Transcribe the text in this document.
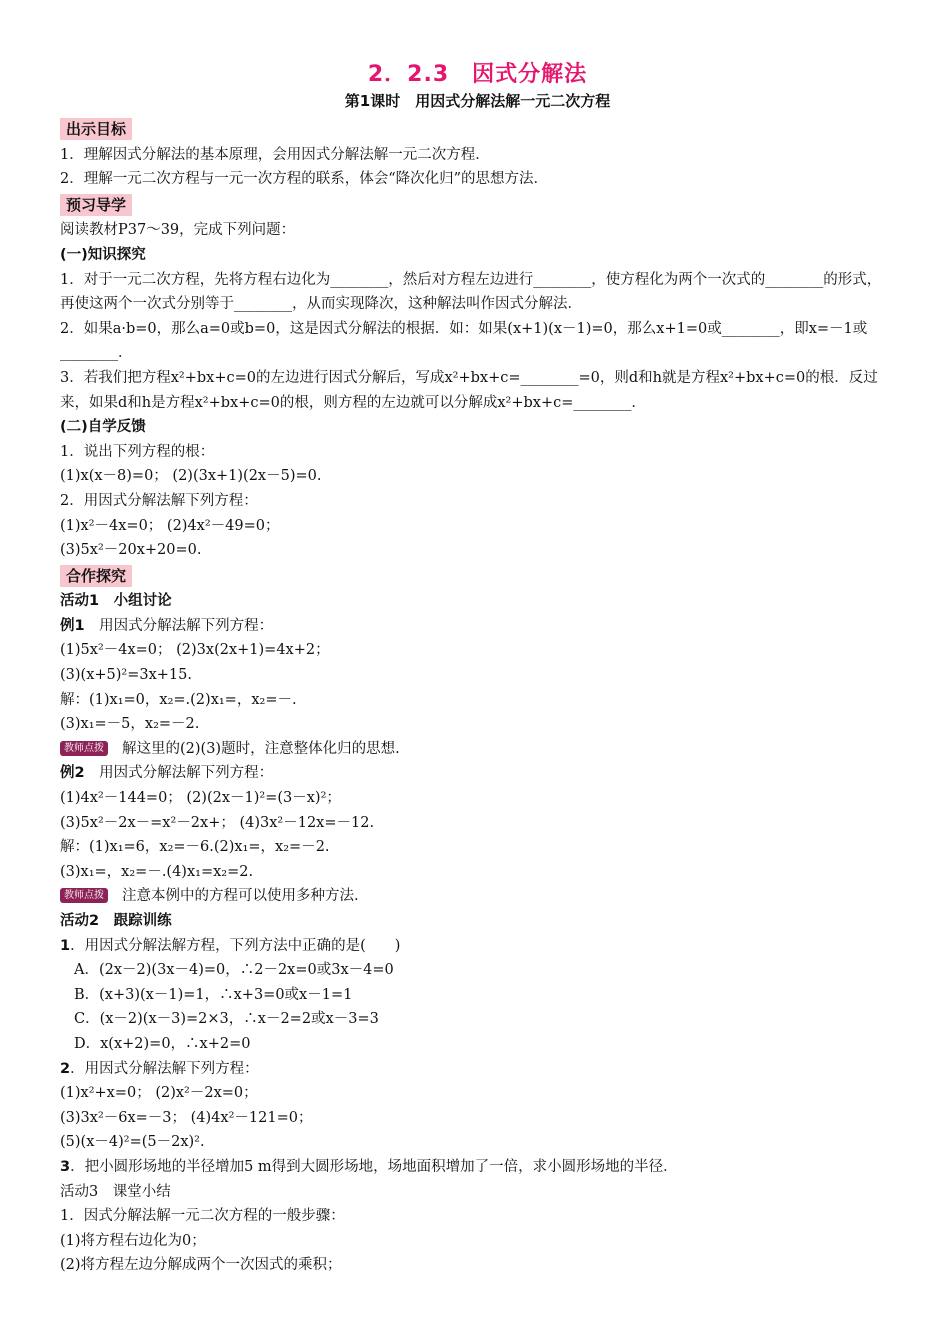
2．2.3　因式分解法
第1课时　用因式分解法解一元二次方程
出示目标
1．理解因式分解法的基本原理，会用因式分解法解一元二次方程．
2．理解一元二次方程与一元一次方程的联系，体会“降次化归”的思想方法．
预习导学
阅读教材P37～39，完成下列问题：
(一)知识探究
1．对于一元二次方程，先将方程右边化为________，然后对方程左边进行________，使方程化为两个一次式的________的形式，再使这两个一次式分别等于________，从而实现降次，这种解法叫作因式分解法．
2．如果a·b=0，那么a=0或b=0，这是因式分解法的根据．如：如果(x+1)(x－1)=0，那么x+1=0或________，即x=－1或________．
3．若我们把方程x²+bx+c=0的左边进行因式分解后，写成x²+bx+c=________=0，则d和h就是方程x²+bx+c=0的根．反过来，如果d和h是方程x²+bx+c=0的根，则方程的左边就可以分解成x²+bx+c=________．
(二)自学反馈
1．说出下列方程的根：
(1)x(x－8)=0； (2)(3x+1)(2x－5)=0.
2．用因式分解法解下列方程：
(1)x²－4x=0； (2)4x²－49=0；
(3)5x²－20x+20=0.
合作探究
活动1　小组讨论
例1　用因式分解法解下列方程：
(1)5x²－4x=0； (2)3x(2x+1)=4x+2；
(3)(x+5)²=3x+15.
解：(1)x₁=0，x₂=.(2)x₁=，x₂=－.
(3)x₁=－5，x₂=－2.
教师点拨 解这里的(2)(3)题时，注意整体化归的思想.
例2　用因式分解法解下列方程：
(1)4x²－144=0； (2)(2x－1)²=(3－x)²；
(3)5x²－2x－=x²－2x+； (4)3x²－12x=－12.
解：(1)x₁=6，x₂=－6.(2)x₁=，x₂=－2.
(3)x₁=，x₂=－.(4)x₁=x₂=2.
教师点拨 注意本例中的方程可以使用多种方法.
活动2　跟踪训练
1．用因式分解法解方程，下列方法中正确的是(　　)
A．(2x－2)(3x－4)=0，∴2－2x=0或3x－4=0
B．(x+3)(x－1)=1，∴x+3=0或x－1=1
C．(x－2)(x－3)=2×3，∴x－2=2或x－3=3
D．x(x+2)=0，∴x+2=0
2．用因式分解法解下列方程：
(1)x²+x=0； (2)x²－2x=0；
(3)3x²－6x=－3； (4)4x²－121=0；
(5)(x－4)²=(5－2x)².
3．把小圆形场地的半径增加5 m得到大圆形场地，场地面积增加了一倍，求小圆形场地的半径．
活动3　课堂小结
1．因式分解法解一元二次方程的一般步骤：
(1)将方程右边化为0；
(2)将方程左边分解成两个一次因式的乘积；
